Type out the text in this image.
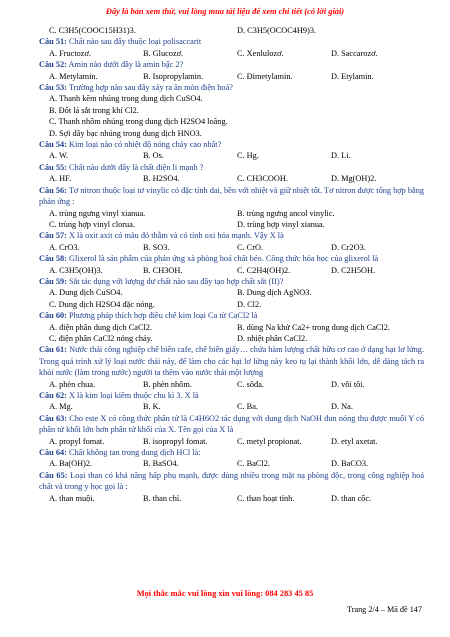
Đây là bản xem thử, vui lòng mua tài liệu để xem chi tiết (có lời giải)
C. C3H5(COOC15H31)3.	D. C3H5(OCOC4H9)3.
Câu 51: Chất nào sau đây thuộc loại polisaccarit
A. Fructozơ.	B. Glucozơ.	C. Xenlulozơ.	D. Saccarozơ.
Câu 52: Amin nào dưới đây là amin bậc 2?
A. Metylamin.	B. Isopropylamin.	C. Đimetylamin.	D. Etylamin.
Câu 53: Trường hợp nào sau đây xảy ra ăn mòn điện hoá?
A. Thanh kẽm nhúng trong dung dịch CuSO4.
B. Đốt lá sắt trong khí Cl2.
C. Thanh nhôm nhúng trong dung dịch H2SO4 loãng.
D. Sợi dây bạc nhúng trong dung dịch HNO3.
Câu 54: Kim loại nào có nhiệt độ nóng chảy cao nhất?
A. W.	B. Os.	C. Hg.	D. Li.
Câu 55: Chất nào dưới đây là chất điện li mạnh ?
A. HF.	B. H2SO4.	C. CH3COOH.	D. Mg(OH)2.
Câu 56: Tơ nitron thuộc loại tơ vinylic có đặc tính dai, bền với nhiệt và giữ nhiệt tốt. Tơ nitron được tổng hợp bằng phản ứng :
A. trùng ngưng vinyl xianua.	B. trùng ngưng ancol vinylic.
C. trùng hợp vinyl clorua.	D. trùng hợp vinyl xianua.
Câu 57: X là oxit axit có màu đỏ thẫm và có tính oxi hóa mạnh. Vậy X là
A. CrO3.	B. SO3.	C. CrO.	D. Cr2O3.
Câu 58: Glixerol là sản phẩm của phản ứng xà phòng hoá chất béo. Công thức hóa học của glixerol là
A. C3H5(OH)3.	B. CH3OH.	C. C2H4(OH)2.	D. C2H5OH.
Câu 59: Sắt tác dụng với lượng dư chất nào sau đây tạo hợp chất sắt (II)?
A. Dung dịch CuSO4.	B. Dung dịch AgNO3.
C. Dung dịch H2SO4 đặc nóng.	D. Cl2.
Câu 60: Phương pháp thích hợp điều chế kim loại Ca từ CaCl2 là
A. điện phân dung dịch CaCl2.	B. dùng Na khử Ca2+ trong dung dịch CaCl2.
C. điện phân CaCl2 nóng chảy.	D. nhiệt phân CaCl2.
Câu 61: Nước thải công nghiệp chế biến cafe, chế biến giấy… chứa hàm lượng chất hữu cơ cao ở dạng hạt lơ lửng. Trong quá trình xử lý loại nước thải này, để làm cho các hạt lơ lửng này keo tụ lại thành khối lớn, dễ dàng tách ra khỏi nước (làm trong nước) người ta thêm vào nước thải một lượng
A. phèn chua.	B. phèn nhôm.	C. sôđa.	D. vôi tôi.
Câu 62: X là kim loại kiềm thuộc chu kì 3. X là
A. Mg.	B. K.	C. Ba.	D. Na.
Câu 63: Cho este X có công thức phân tử là C4H6O2 tác dụng với dung dịch NaOH đun nóng thu được muối Y có phân tử khối lớn hơn phân tử khối của X. Tên gọi của X là
A. propyl fomat.	B. isopropyl fomat.	C. metyl propionat.	D. etyl axetat.
Câu 64: Chất không tan trong dung dịch HCl là:
A. Ba(OH)2.	B. BaSO4.	C. BaCl2.	D. BaCO3.
Câu 65: Loại than có khả năng hấp phụ mạnh, được dùng nhiều trong mặt nạ phòng độc, trong công nghiệp hoá chất và trong y học gọi là :
A. than muội.	B. than chì.	C. than hoạt tính.	D. than cốc.
Mọi thắc mắc vui lòng xin vui lòng: 084 283 45 85
Trang 2/4 – Mã đề 147
